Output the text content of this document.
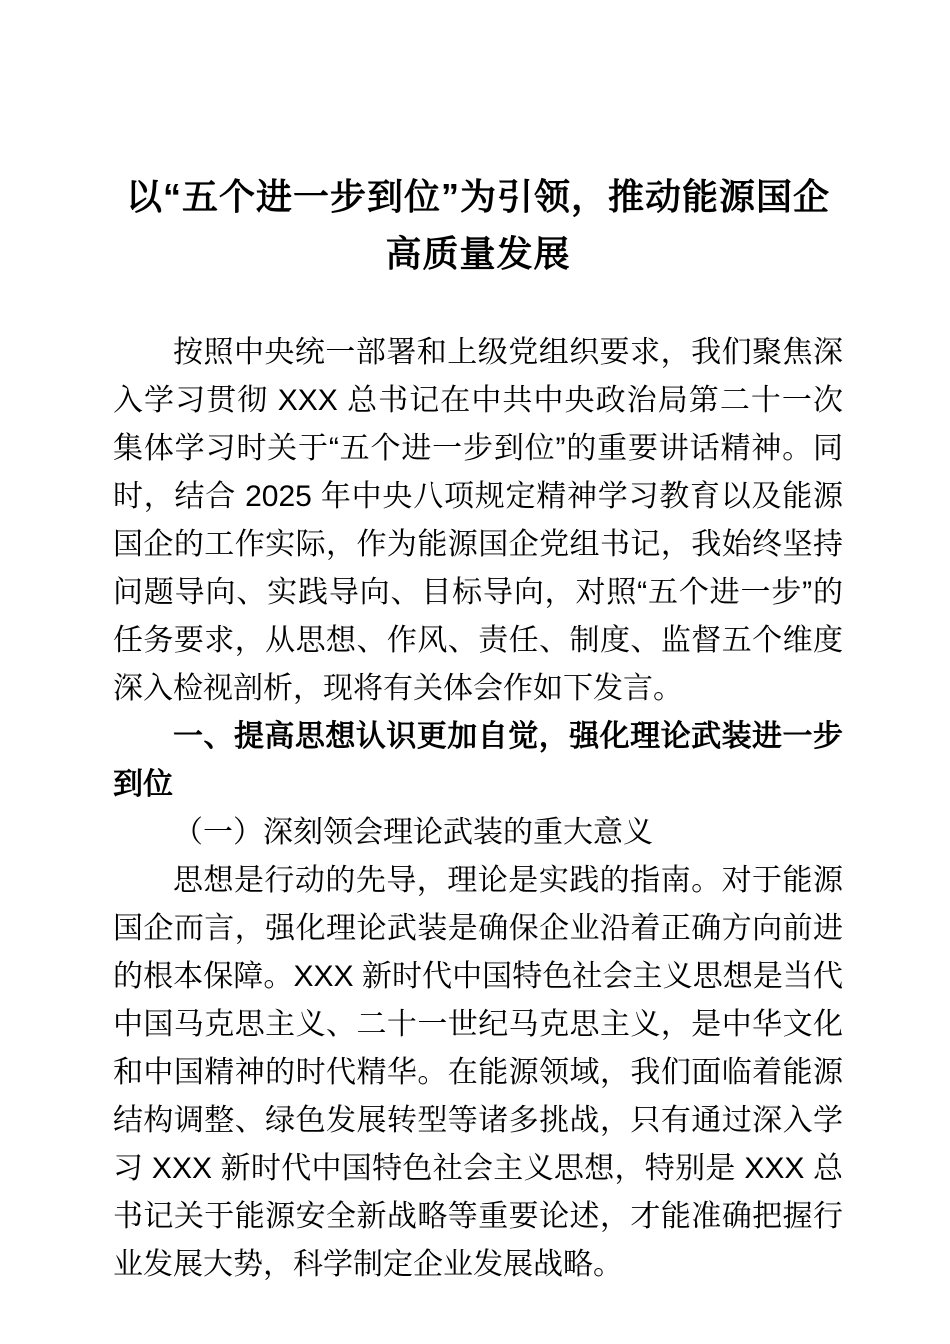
以“五个进一步到位”为引领，推动能源国企
高质量发展

按照中央统一部署和上级党组织要求，我们聚焦深入学习贯彻 XXX 总书记在中共中央政治局第二十一次集体学习时关于“五个进一步到位”的重要讲话精神。同时，结合 2025 年中央八项规定精神学习教育以及能源国企的工作实际，作为能源国企党组书记，我始终坚持问题导向、实践导向、目标导向，对照“五个进一步”的任务要求，从思想、作风、责任、制度、监督五个维度深入检视剖析，现将有关体会作如下发言。

一、提高思想认识更加自觉，强化理论武装进一步到位

（一）深刻领会理论武装的重大意义

思想是行动的先导，理论是实践的指南。对于能源国企而言，强化理论武装是确保企业沿着正确方向前进的根本保障。XXX 新时代中国特色社会主义思想是当代中国马克思主义、二十一世纪马克思主义，是中华文化和中国精神的时代精华。在能源领域，我们面临着能源结构调整、绿色发展转型等诸多挑战，只有通过深入学习 XXX 新时代中国特色社会主义思想，特别是 XXX 总书记关于能源安全新战略等重要论述，才能准确把握行业发展大势，科学制定企业发展战略。
